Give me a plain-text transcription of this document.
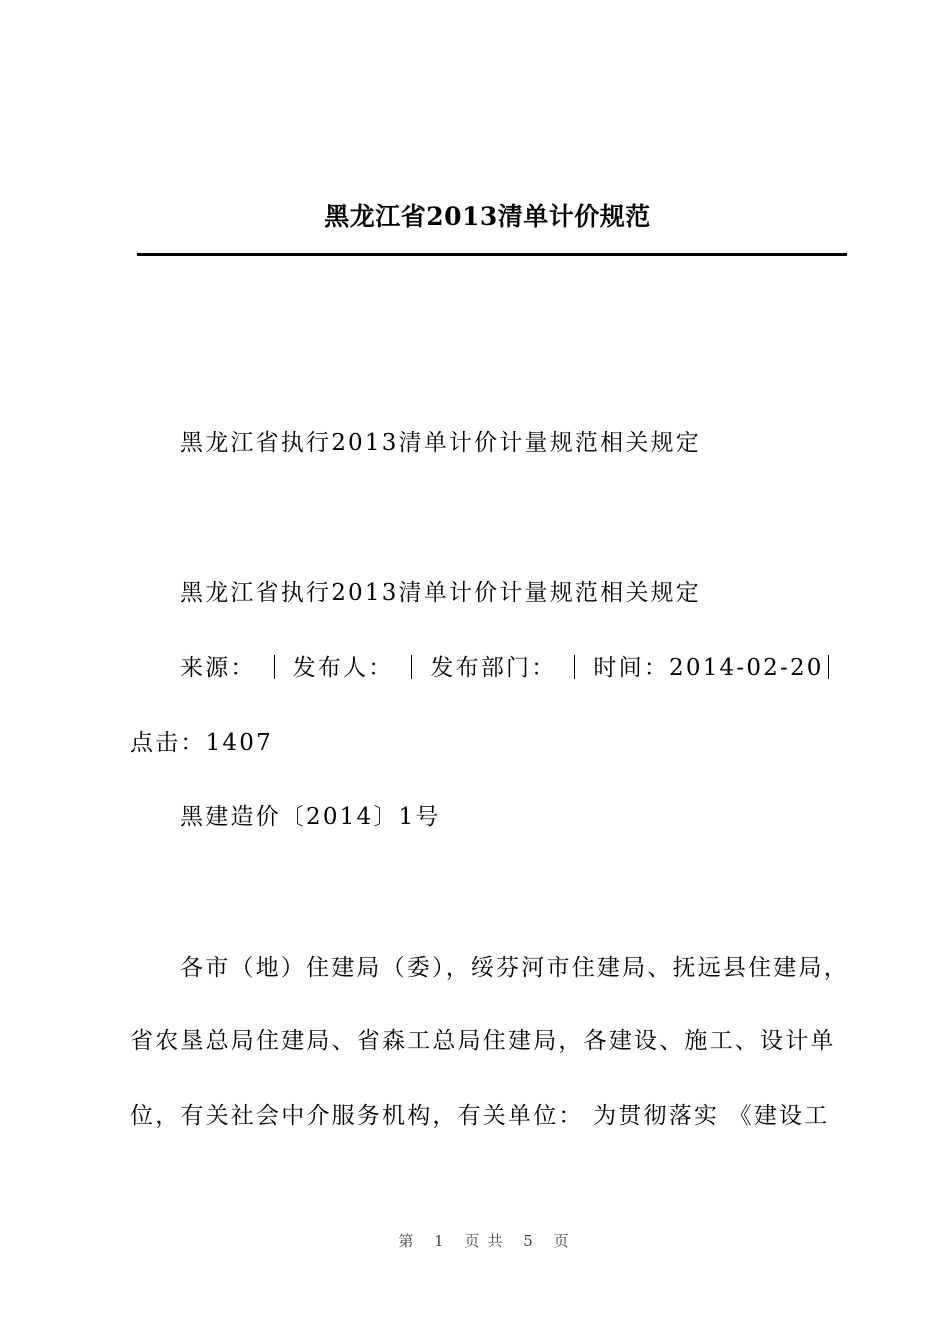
黑龙江省2013清单计价规范
黑龙江省执行2013清单计价计量规范相关规定
黑龙江省执行2013清单计价计量规范相关规定
来源： 发布人： 发布部门： 时间：2014-02-20
点击：1407
黑建造价〔2014〕1号
各市（地）住建局（委），绥芬河市住建局、抚远县住建局，
省农垦总局住建局、省森工总局住建局，各建设、施工、设计单
位，有关社会中介服务机构，有关单位： 为贯彻落实 《建设工
第 1 页共 5 页
